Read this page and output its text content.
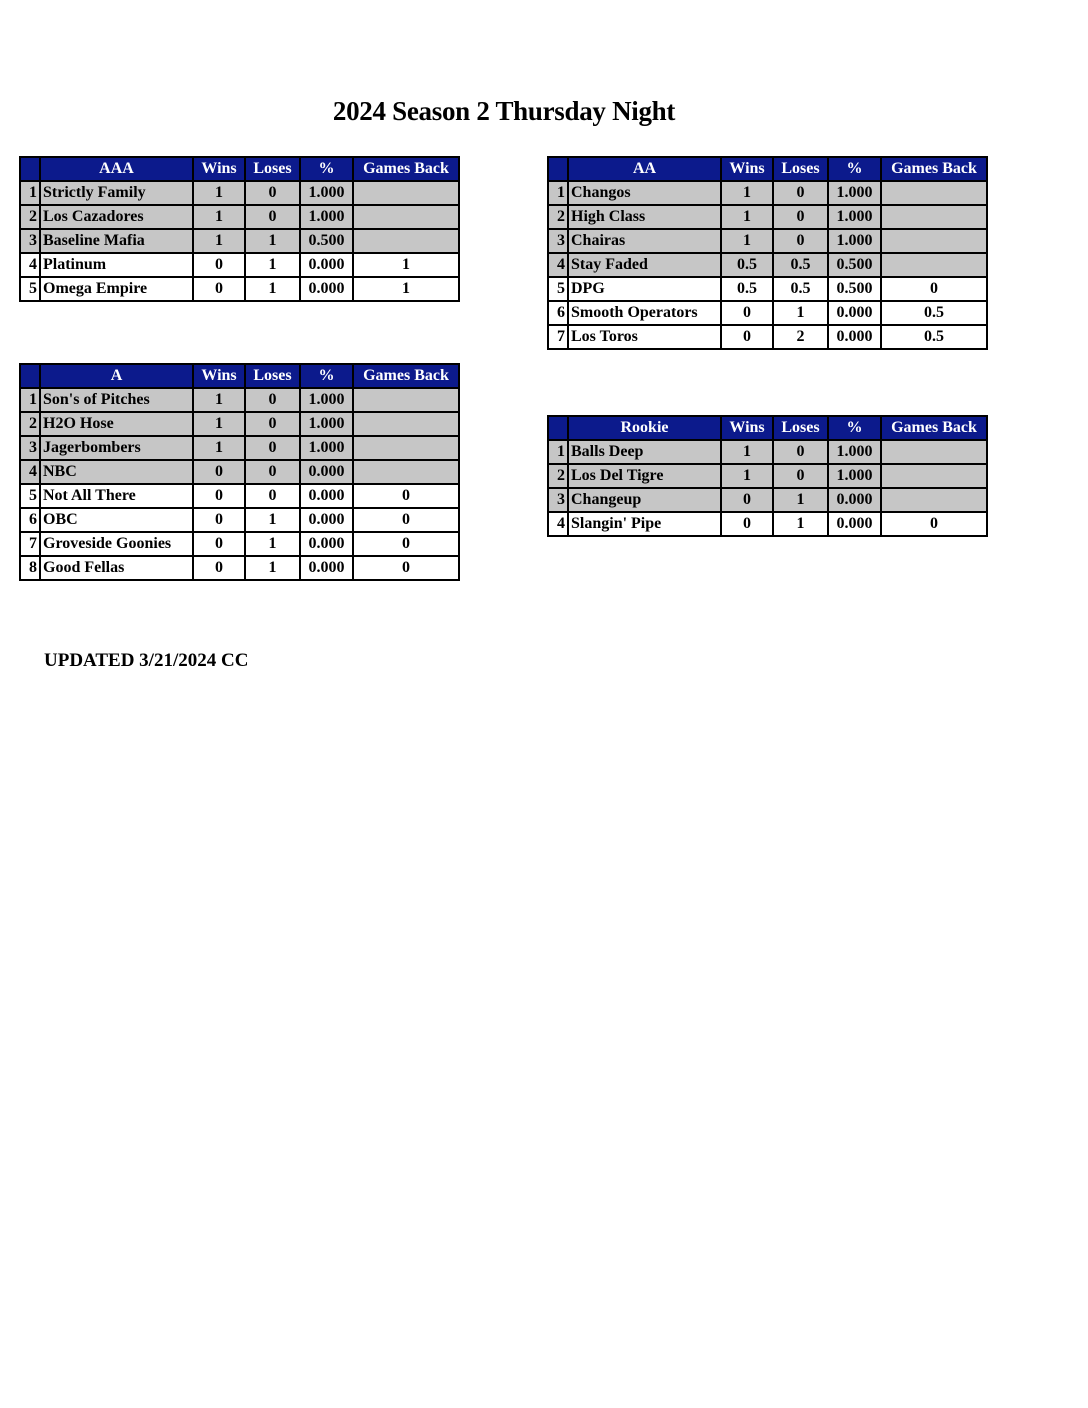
2024 Season 2 Thursday Night
	AAA	Wins	Loses	%	Games Back
1	Strictly Family	1	0	1.000	
2	Los Cazadores	1	0	1.000	
3	Baseline Mafia	1	1	0.500	
4	Platinum	0	1	0.000	1
5	Omega Empire	0	1	0.000	1
	AA	Wins	Loses	%	Games Back
1	Changos	1	0	1.000	
2	High Class	1	0	1.000	
3	Chairas	1	0	1.000	
4	Stay Faded	0.5	0.5	0.500	
5	DPG	0.5	0.5	0.500	0
6	Smooth Operators	0	1	0.000	0.5
7	Los Toros	0	2	0.000	0.5
	A	Wins	Loses	%	Games Back
1	Son's of Pitches	1	0	1.000	
2	H2O Hose	1	0	1.000	
3	Jagerbombers	1	0	1.000	
4	NBC	0	0	0.000	
5	Not All There	0	0	0.000	0
6	OBC	0	1	0.000	0
7	Groveside Goonies	0	1	0.000	0
8	Good Fellas	0	1	0.000	0
	Rookie	Wins	Loses	%	Games Back
1	Balls Deep	1	0	1.000	
2	Los Del Tigre	1	0	1.000	
3	Changeup	0	1	0.000	
4	Slangin' Pipe	0	1	0.000	0
UPDATED 3/21/2024 CC
